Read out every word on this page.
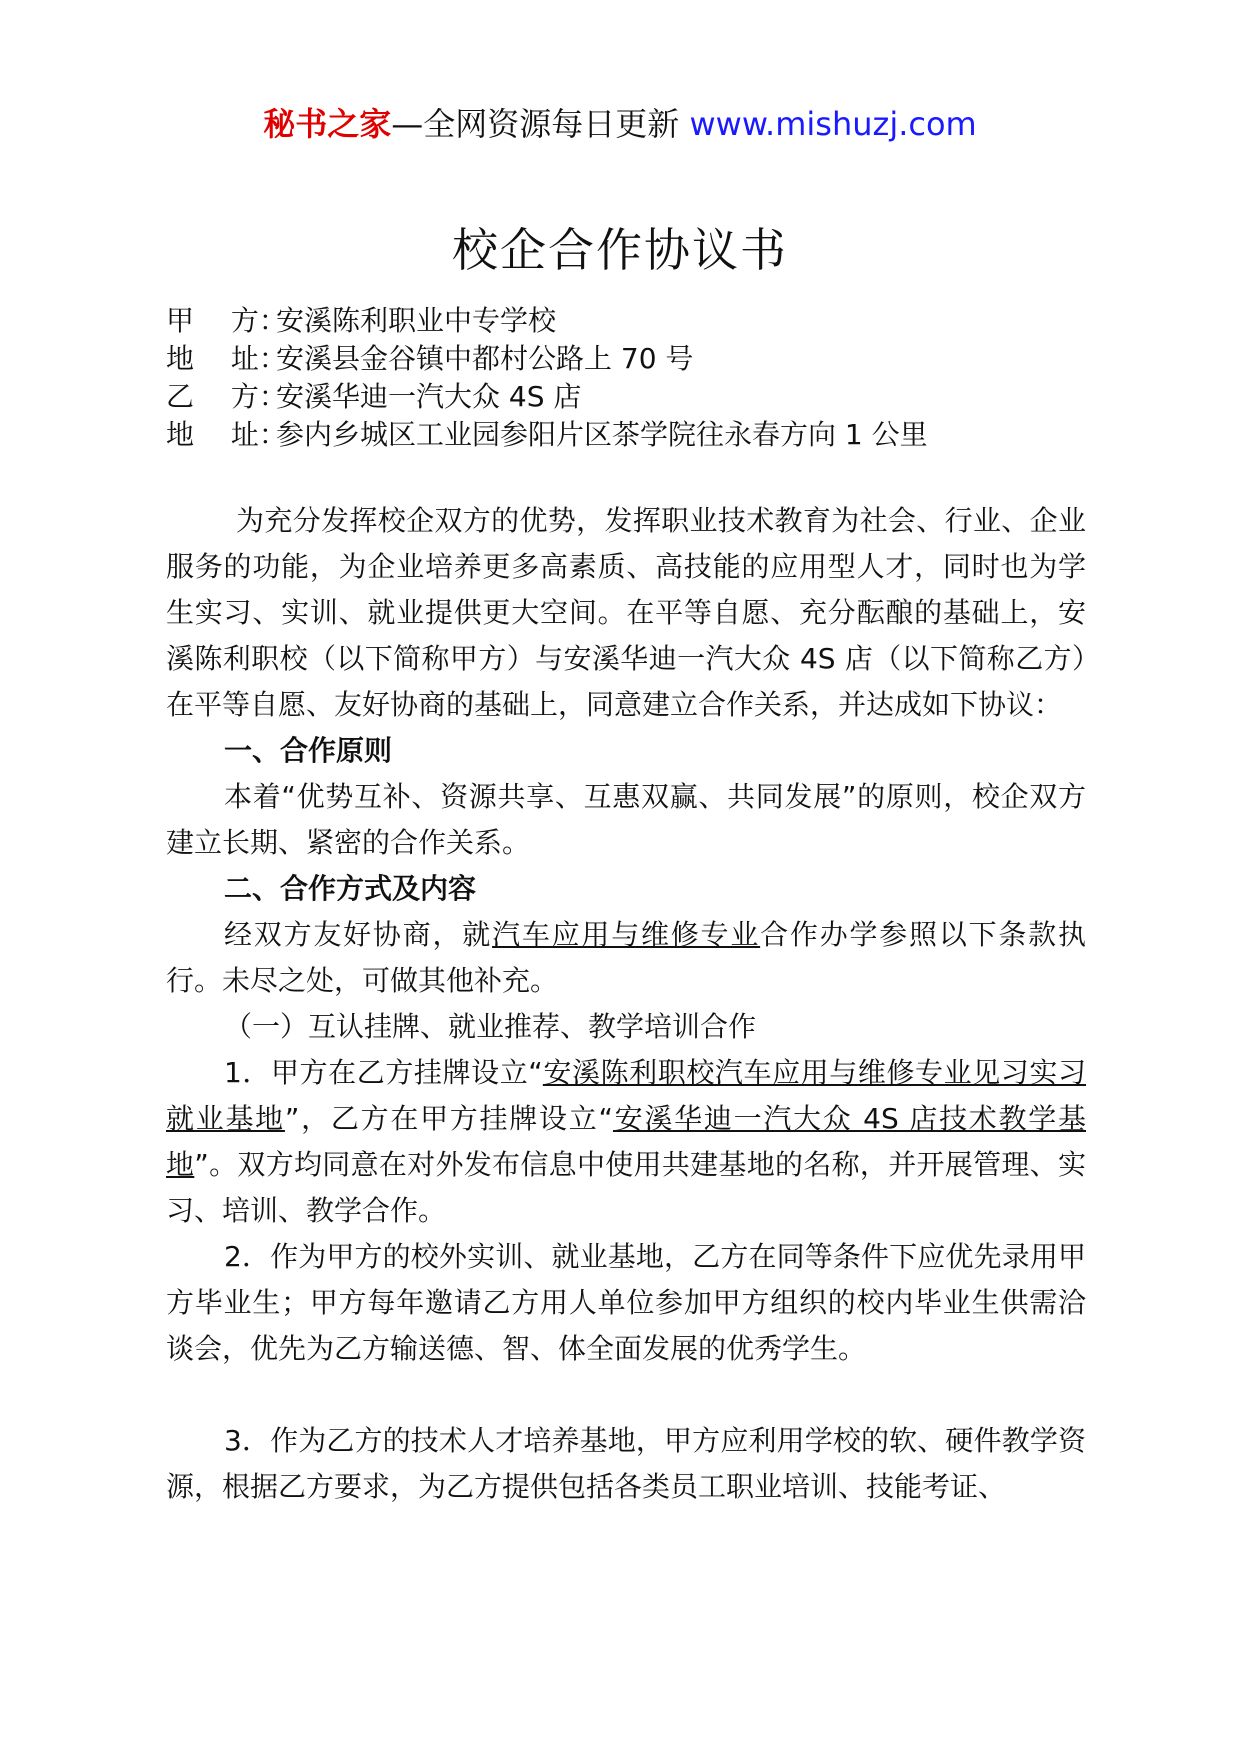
秘书之家—全网资源每日更新 www.mishuzj.com
校企合作协议书
甲　 方：安溪陈利职业中专学校
地　 址：安溪县金谷镇中都村公路上 70 号
乙　 方：安溪华迪一汽大众 4S 店
地　 址：参内乡城区工业园参阳片区茶学院往永春方向 1 公里

为充分发挥校企双方的优势，发挥职业技术教育为社会、行业、企业服务的功能，为企业培养更多高素质、高技能的应用型人才，同时也为学生实习、实训、就业提供更大空间。在平等自愿、充分酝酿的基础上，安溪陈利职校（以下简称甲方）与安溪华迪一汽大众 4S 店（以下简称乙方）在平等自愿、友好协商的基础上，同意建立合作关系，并达成如下协议：

一、合作原则

本着“优势互补、资源共享、互惠双赢、共同发展”的原则，校企双方建立长期、紧密的合作关系。

二、合作方式及内容

经双方友好协商，就汽车应用与维修专业合作办学参照以下条款执行。未尽之处，可做其他补充。

（一）互认挂牌、就业推荐、教学培训合作

1．甲方在乙方挂牌设立“安溪陈利职校汽车应用与维修专业见习实习就业基地”，乙方在甲方挂牌设立“安溪华迪一汽大众 4S 店技术教学基地”。双方均同意在对外发布信息中使用共建基地的名称，并开展管理、实习、培训、教学合作。

2．作为甲方的校外实训、就业基地，乙方在同等条件下应优先录用甲方毕业生；甲方每年邀请乙方用人单位参加甲方组织的校内毕业生供需洽谈会，优先为乙方输送德、智、体全面发展的优秀学生。

3．作为乙方的技术人才培养基地，甲方应利用学校的软、硬件教学资源，根据乙方要求，为乙方提供包括各类员工职业培训、技能考证、
